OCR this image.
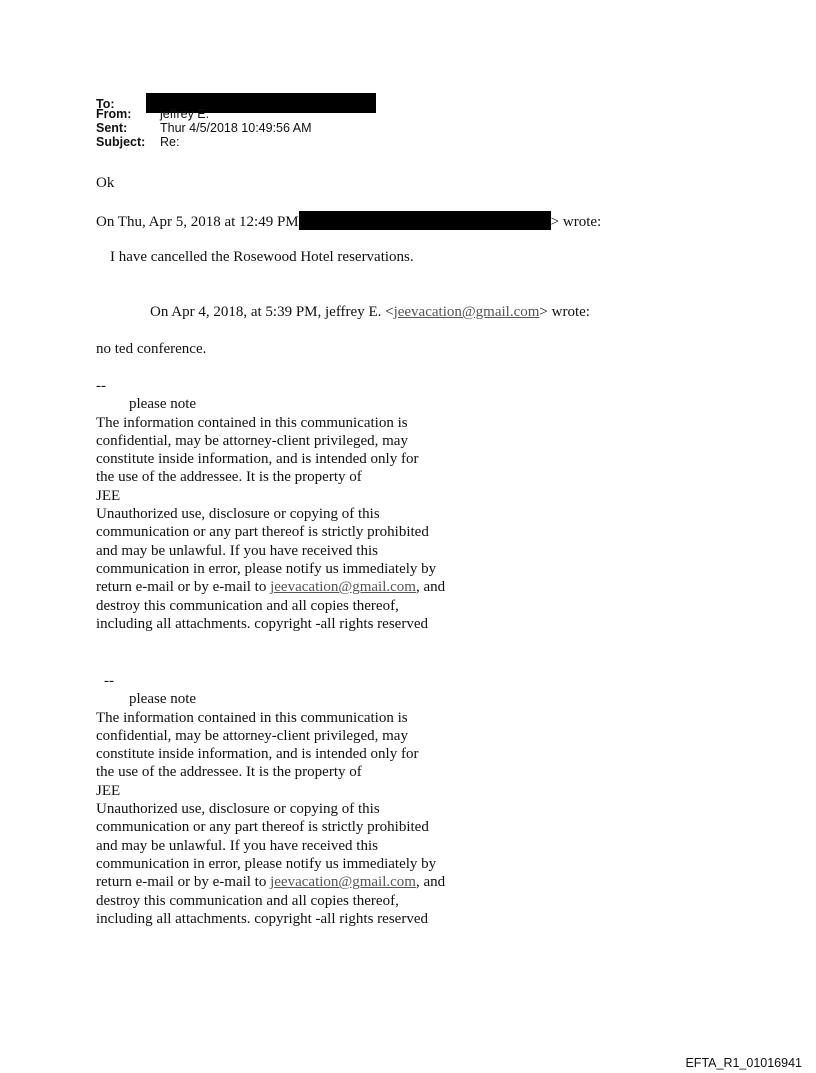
To:
From:	jeffrey E.
Sent:	Thur 4/5/2018 10:49:56 AM
Subject:	Re:
Ok
On Thu, Apr 5, 2018 at 12:49 PM	> wrote:
I have cancelled the Rosewood Hotel reservations.
On Apr 4, 2018, at 5:39 PM, jeffrey E. <jeevacation@gmail.com> wrote:
no ted conference.
--
please note
The information contained in this communication is
confidential, may be attorney-client privileged, may
constitute inside information, and is intended only for
the use of the addressee. It is the property of
JEE
Unauthorized use, disclosure or copying of this
communication or any part thereof is strictly prohibited
and may be unlawful. If you have received this
communication in error, please notify us immediately by
return e-mail or by e-mail to jeevacation@gmail.com, and
destroy this communication and all copies thereof,
including all attachments. copyright -all rights reserved
--
please note
The information contained in this communication is
confidential, may be attorney-client privileged, may
constitute inside information, and is intended only for
the use of the addressee. It is the property of
JEE
Unauthorized use, disclosure or copying of this
communication or any part thereof is strictly prohibited
and may be unlawful. If you have received this
communication in error, please notify us immediately by
return e-mail or by e-mail to jeevacation@gmail.com, and
destroy this communication and all copies thereof,
including all attachments. copyright -all rights reserved
EFTA_R1_01016941
